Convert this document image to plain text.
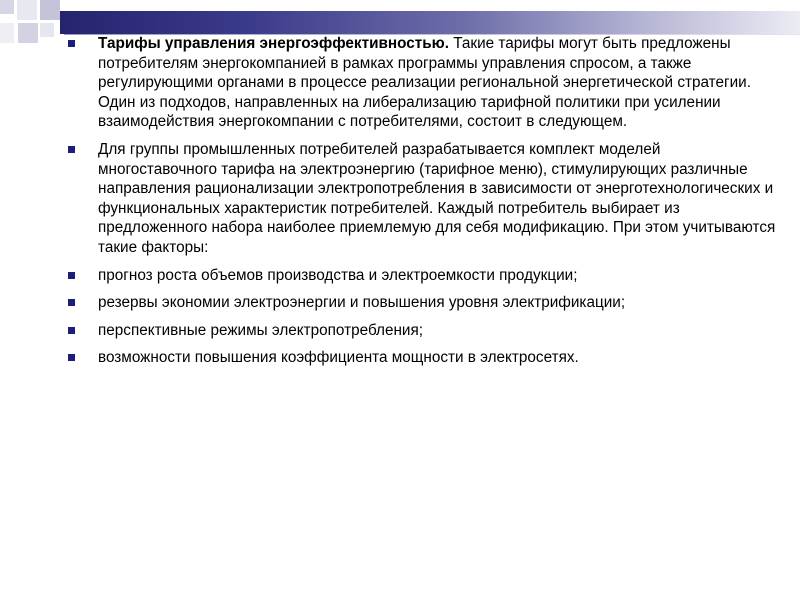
Тарифы управления энергоэффективностью. Такие тарифы могут быть предложены потребителям энергокомпанией в рамках программы управления спросом, а также регулирующими органами в процессе реализации региональной энергетической стратегии. Один из подходов, направленных на либерализацию тарифной политики при усилении взаимодействия энергокомпании с потребителями, состоит в следующем.
Для группы промышленных потребителей разрабатывается комплект моделей многоставочного тарифа на электроэнергию (тарифное меню), стимулирующих различные направления рационализации электропотребления в зависимости от энерготехнологических и функциональных характеристик потребителей. Каждый потребитель выбирает из предложенного набора наиболее приемлемую для себя модификацию. При этом учитываются такие факторы:
прогноз роста объемов производства и электроемкости продукции;
резервы экономии электроэнергии и повышения уровня электрификации;
перспективные режимы электропотребления;
возможности повышения коэффициента мощности в электросетях.
